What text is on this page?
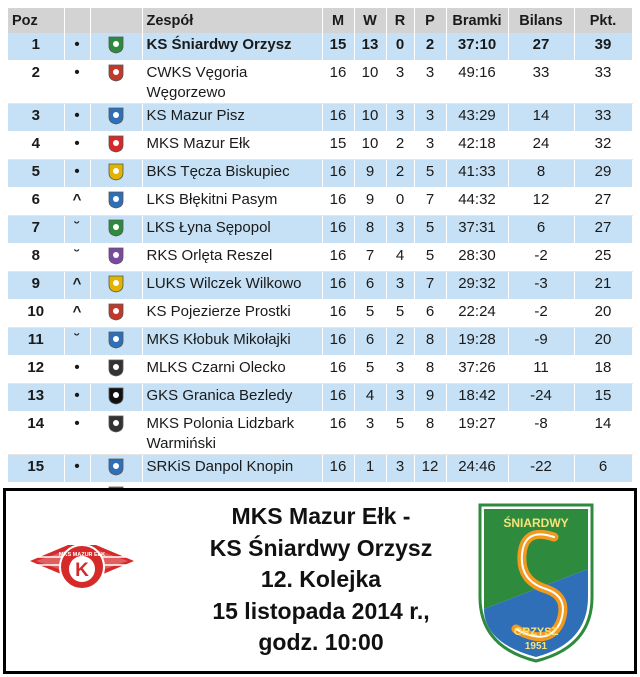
Poz			Zespół	M	W	R	P	Bramki	Bilans	Pkt.
1	•		KS Śniardwy Orzysz	15	13	0	2	37:10	27	39
2	•		CWKS Vęgoria Węgorzewo	16	10	3	3	49:16	33	33
3	•		KS Mazur Pisz	16	10	3	3	43:29	14	33
4	•		MKS Mazur Ełk	15	10	2	3	42:18	24	32
5	•		BKS Tęcza Biskupiec	16	9	2	5	41:33	8	29
6	^		LKS Błękitni Pasym	16	9	0	7	44:32	12	27
7	˘		LKS Łyna Sępopol	16	8	3	5	37:31	6	27
8	˘		RKS Orlęta Reszel	16	7	4	5	28:30	-2	25
9	^		LUKS Wilczek Wilkowo	16	6	3	7	29:32	-3	21
10	^		KS Pojezierze Prostki	16	5	5	6	22:24	-2	20
11	˘		MKS Kłobuk Mikołajki	16	6	2	8	19:28	-9	20
12	•		MLKS Czarni Olecko	16	5	3	8	37:26	11	18
13	•		GKS Granica Bezledy	16	4	3	9	18:42	-24	15
14	•		MKS Polonia Lidzbark Warmiński	16	3	5	8	19:27	-8	14
15	•		SRKiS Danpol Knopin	16	1	3	12	24:46	-22	6

K
MKS MAZUR EŁK
MKS Mazur Ełk -
KS Śniardwy Orzysz
12. Kolejka
15 listopada 2014 r.,
godz. 10:00
ŚNIARDWY
ORZYSZ
1951
